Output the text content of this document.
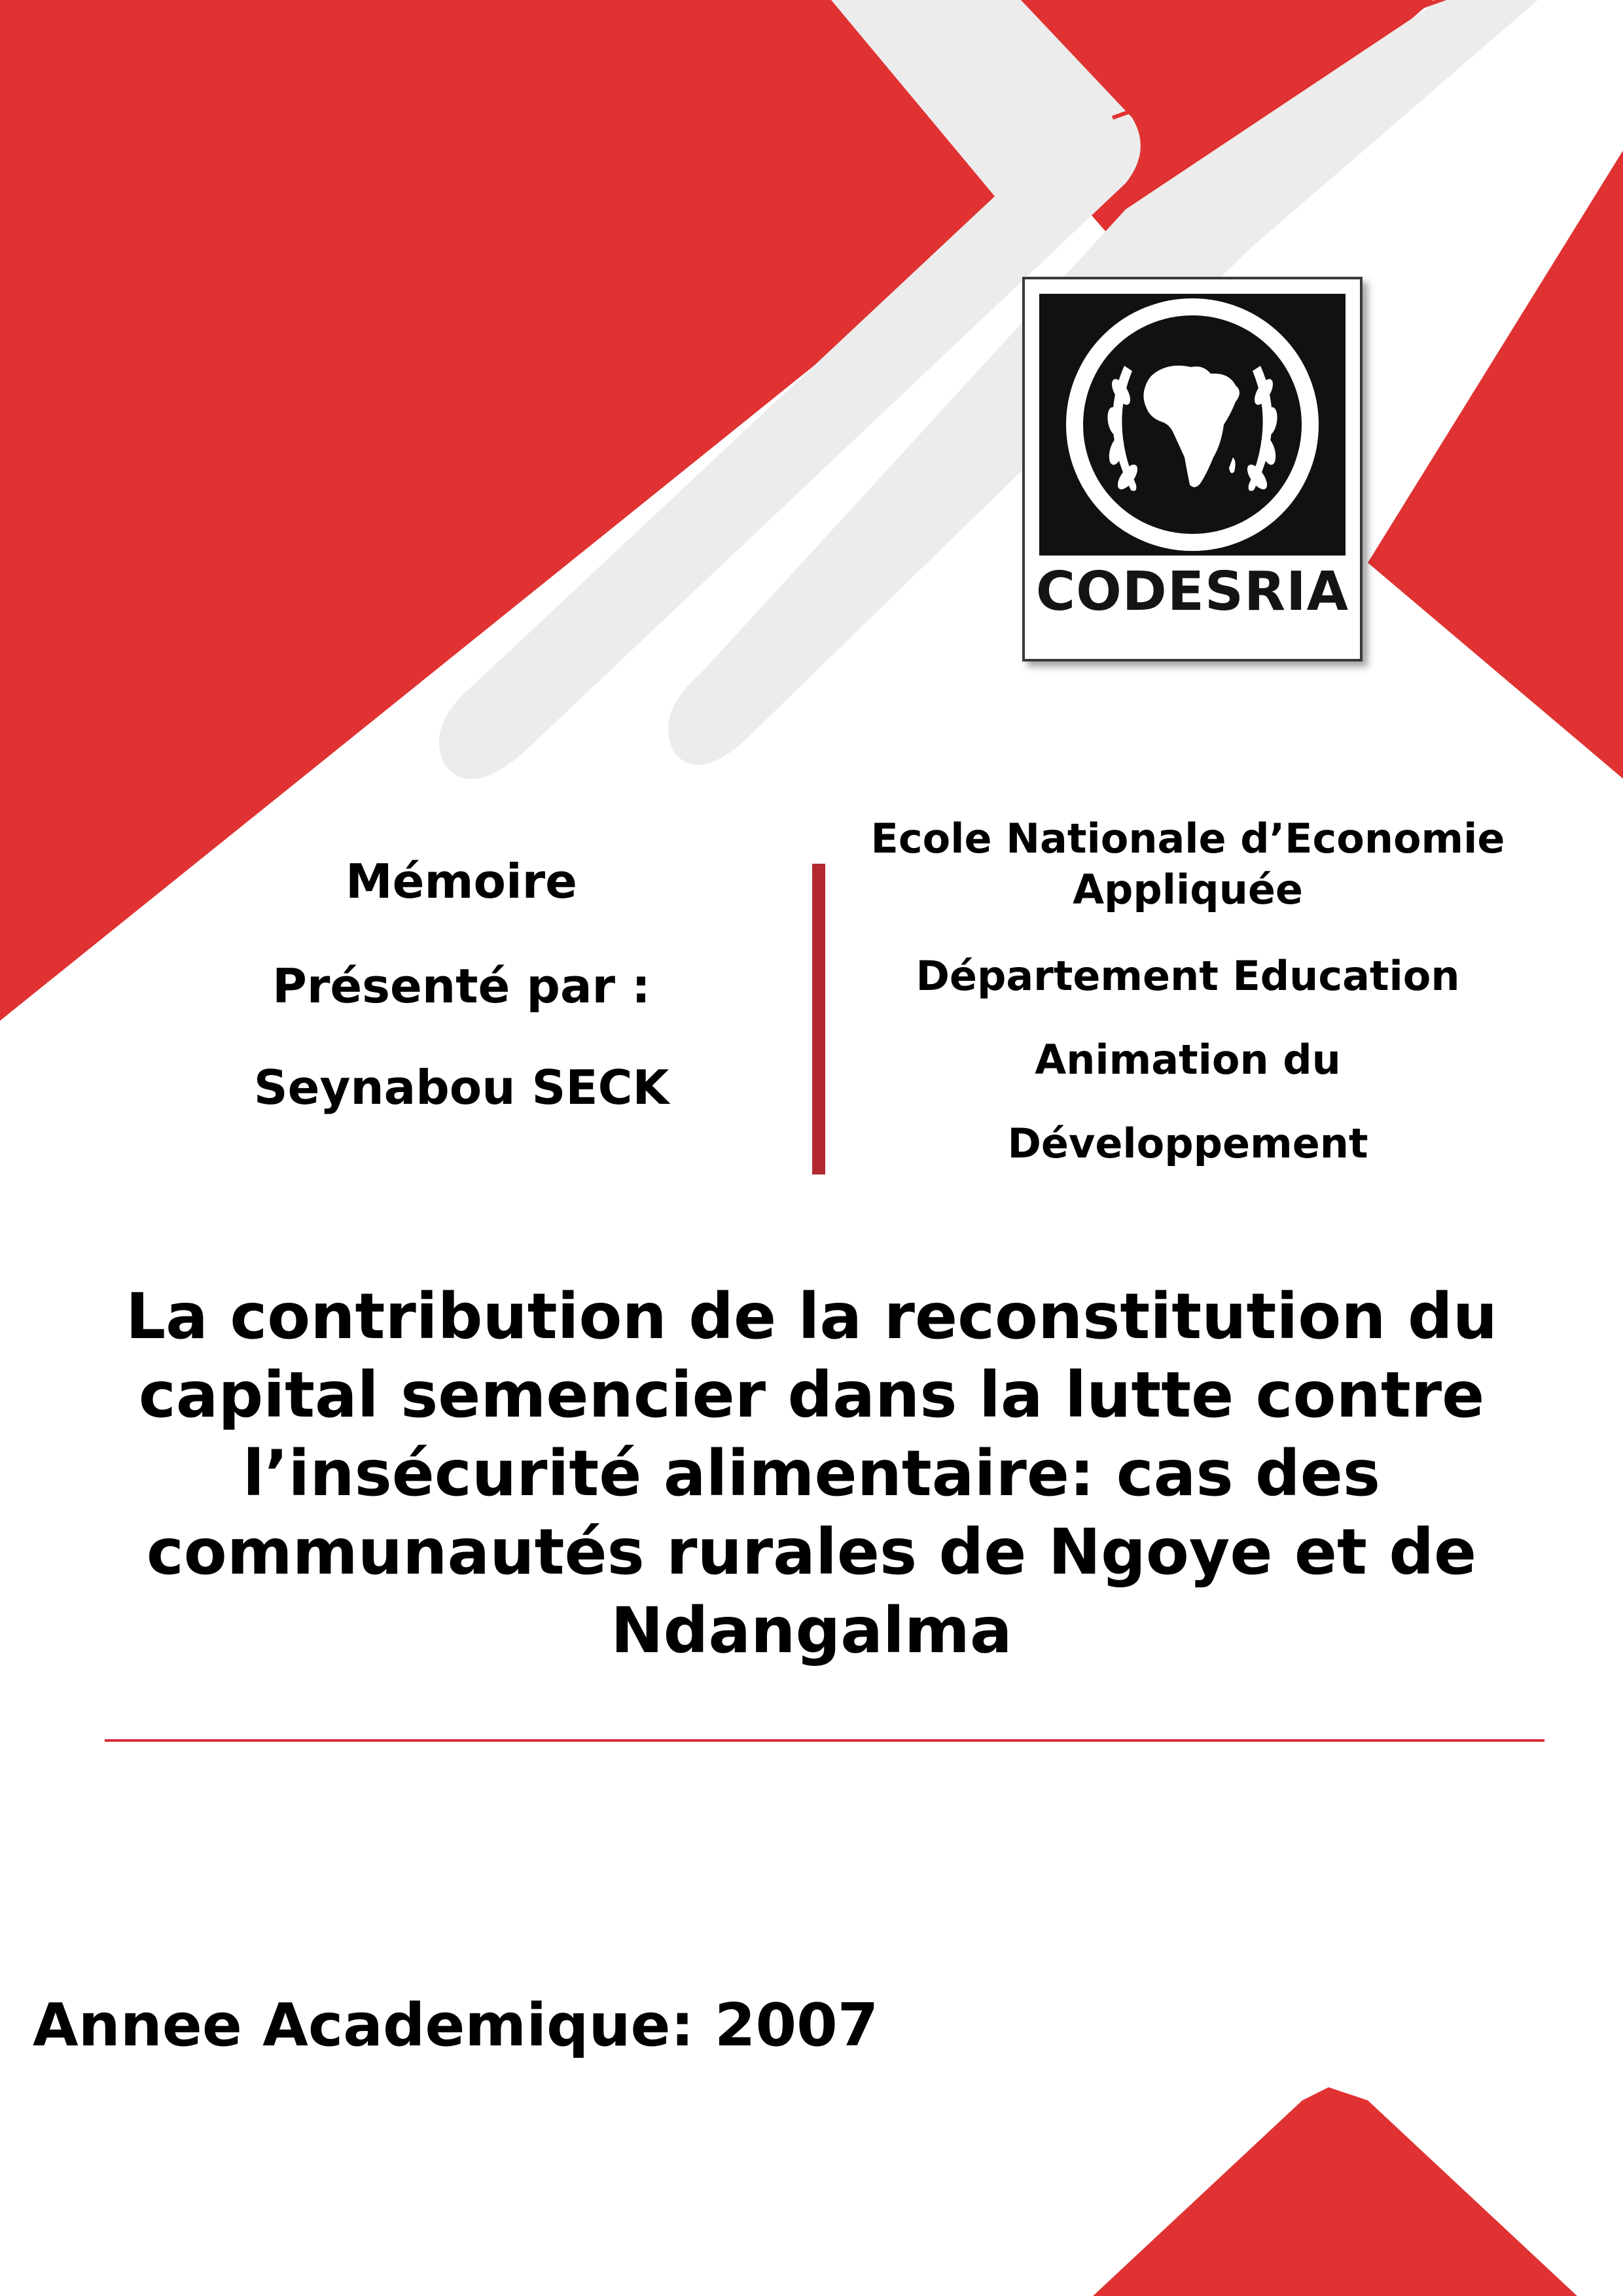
CODESRIA
Mémoire
Présenté par :
Seynabou SECK
Ecole Nationale d’Economie
Appliquée
Département Education
Animation du
Développement
La contribution de la reconstitution du
capital semencier dans la lutte contre
l’insécurité alimentaire: cas des
communautés rurales de Ngoye et de
Ndangalma
Annee Academique: 2007
